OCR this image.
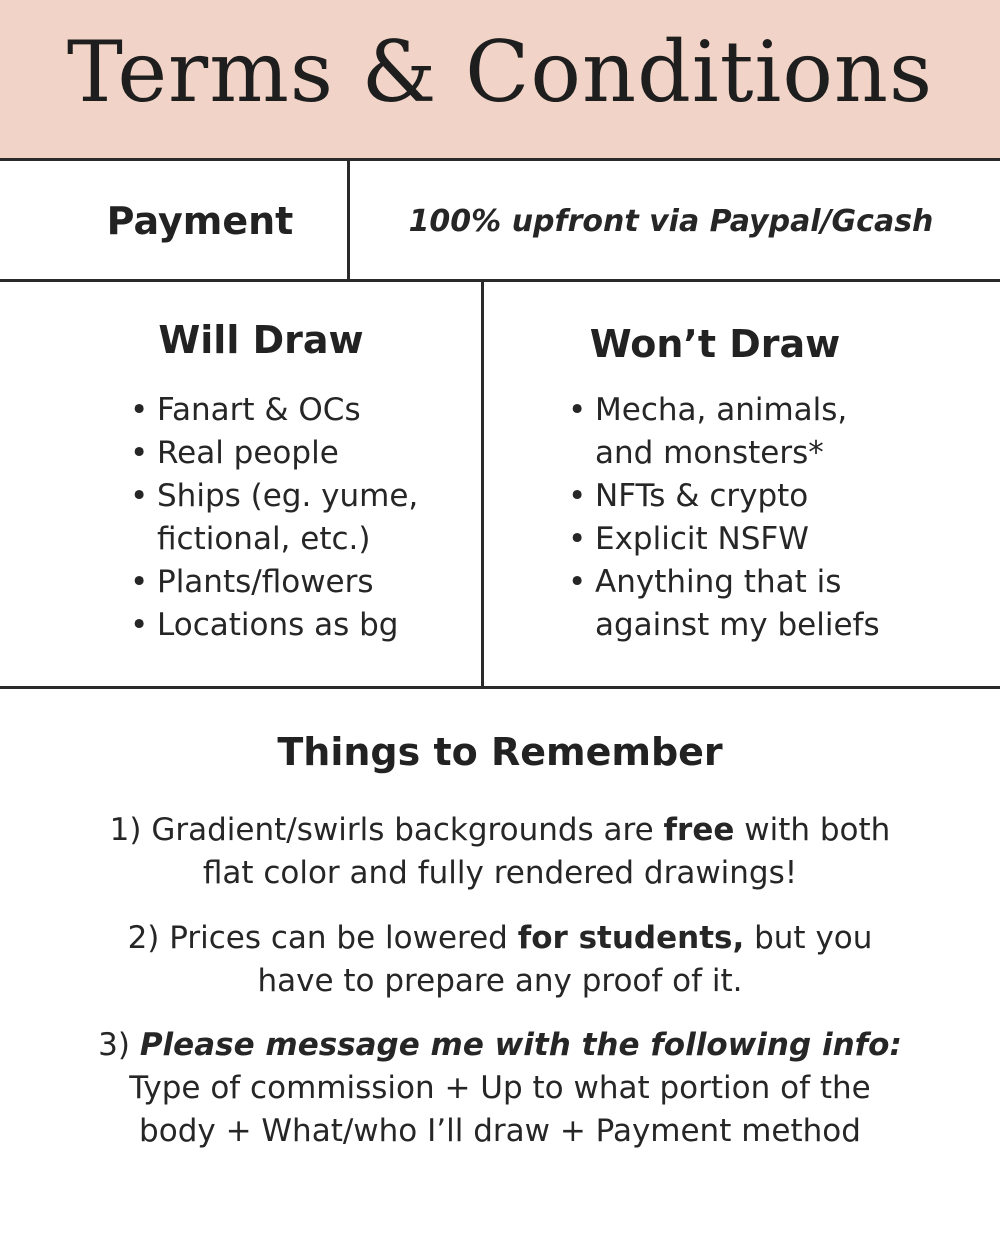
Terms & Conditions
Payment	100% upfront via Paypal/Gcash
Will Draw
• Fanart & OCs
• Real people
• Ships (eg. yume,
fictional, etc.)
• Plants/flowers
• Locations as bg
Won’t Draw
• Mecha, animals,
and monsters*
• NFTs & crypto
• Explicit NSFW
• Anything that is
against my beliefs
Things to Remember
1) Gradient/swirls backgrounds are free with both
flat color and fully rendered drawings!
2) Prices can be lowered for students, but you
have to prepare any proof of it.
3) Please message me with the following info:
Type of commission + Up to what portion of the
body + What/who I’ll draw + Payment method
